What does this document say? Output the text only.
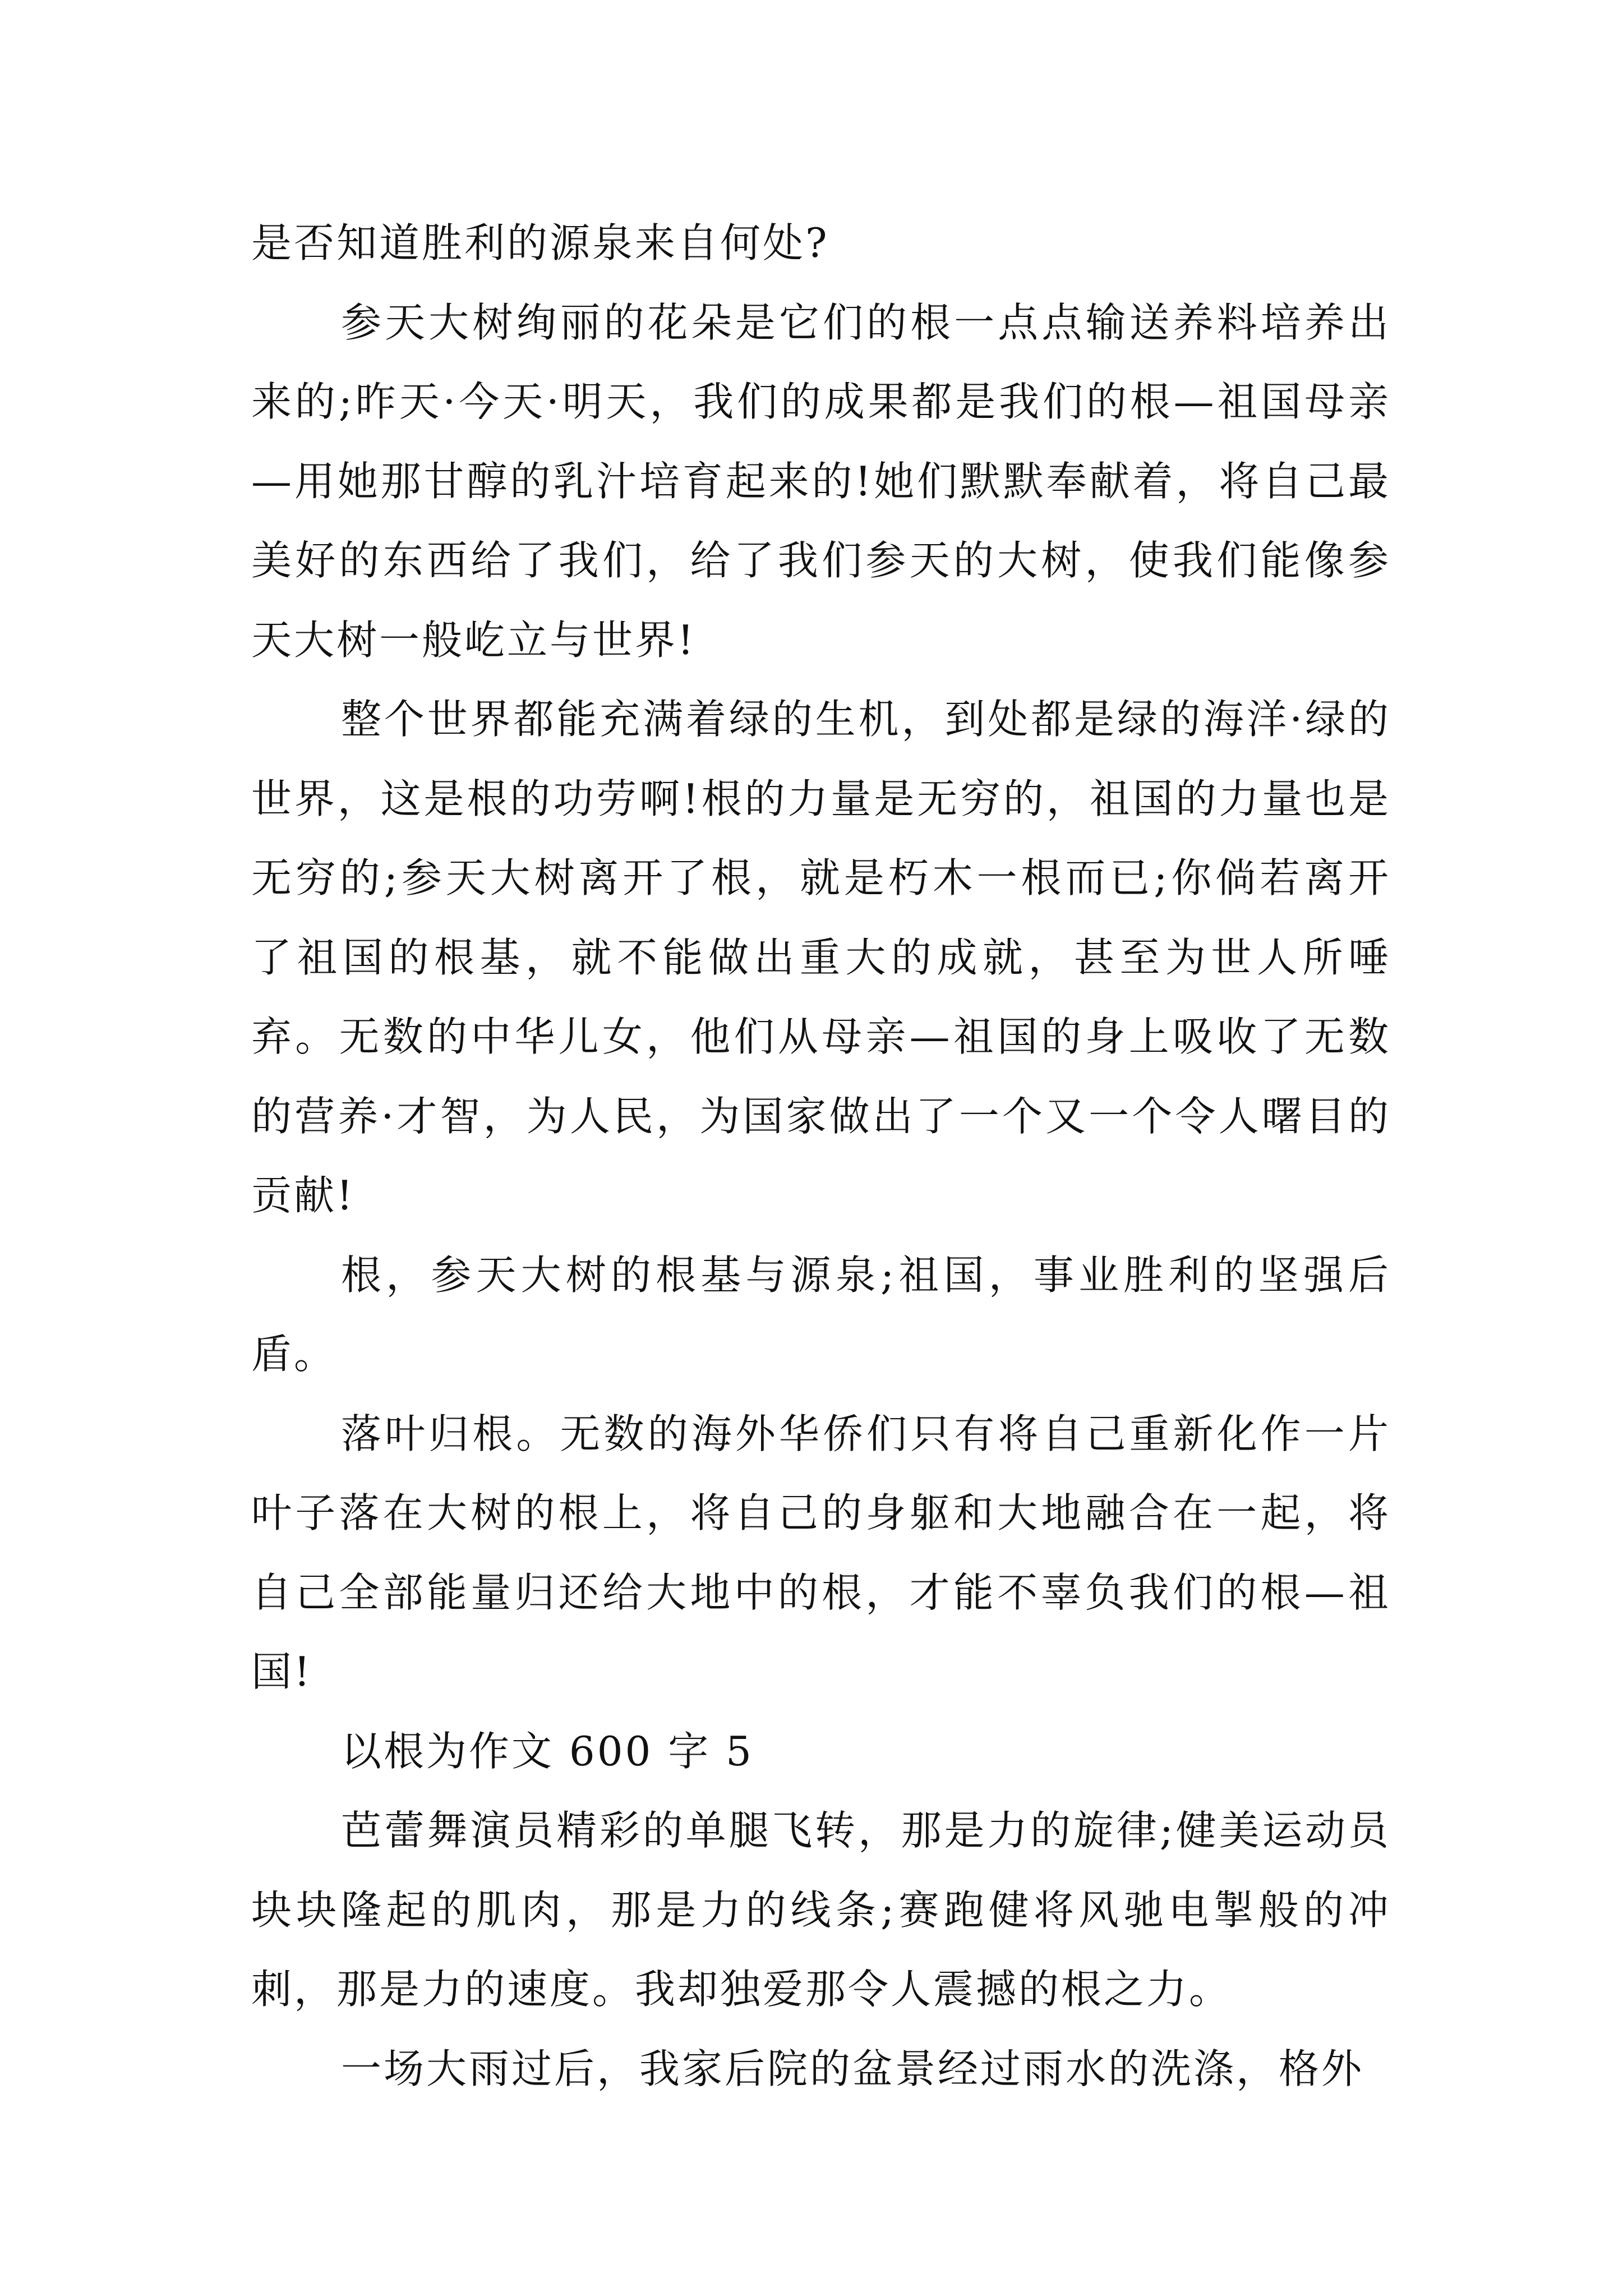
是否知道胜利的源泉来自何处?

参天大树绚丽的花朵是它们的根一点点输送养料培养出来的;昨天·今天·明天，我们的成果都是我们的根—祖国母亲—用她那甘醇的乳汁培育起来的!她们默默奉献着，将自己最美好的东西给了我们，给了我们参天的大树，使我们能像参天大树一般屹立与世界!

整个世界都能充满着绿的生机，到处都是绿的海洋·绿的世界，这是根的功劳啊!根的力量是无穷的，祖国的力量也是无穷的;参天大树离开了根，就是朽木一根而已;你倘若离开了祖国的根基，就不能做出重大的成就，甚至为世人所唾弃。无数的中华儿女，他们从母亲—祖国的身上吸收了无数的营养·才智，为人民，为国家做出了一个又一个令人曙目的贡献!

根，参天大树的根基与源泉;祖国，事业胜利的坚强后盾。

落叶归根。无数的海外华侨们只有将自己重新化作一片叶子落在大树的根上，将自己的身躯和大地融合在一起，将自己全部能量归还给大地中的根，才能不辜负我们的根—祖国!

以根为作文 600 字 5

芭蕾舞演员精彩的单腿飞转，那是力的旋律;健美运动员块块隆起的肌肉，那是力的线条;赛跑健将风驰电掣般的冲刺，那是力的速度。我却独爱那令人震撼的根之力。

一场大雨过后，我家后院的盆景经过雨水的洗涤，格外
